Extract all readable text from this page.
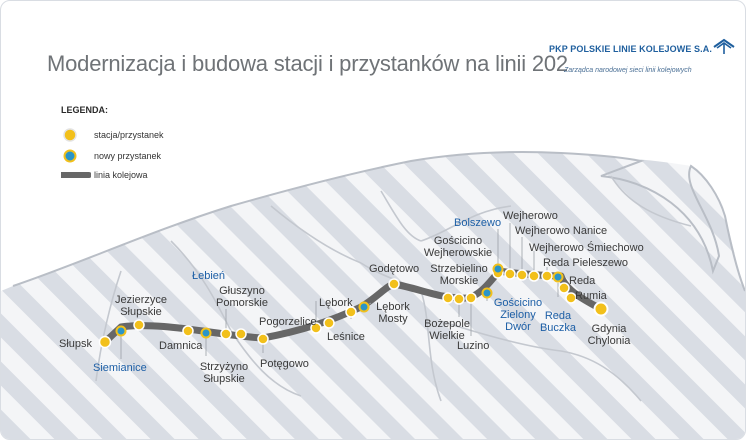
Modernizacja i budowa stacji i przystanków na linii 202
PKP POLSKIE LINIE KOLEJOWE S.A.
Zarządca narodowej sieci linii kolejowych
LEGENDA:
stacja/przystanek
nowy przystanek
linia kolejowa
Słupsk
Siemianice
Jezierzyce
Słupskie
Damnica
Łebień
Strzyżyno
Słupskie
Głuszyno
Pomorskie
Potęgowo
Pogorzelice
Lębork
Leśnice
Lębork
Mosty
Godętowo
Bożepole
Wielkie
Luzino
Strzebielino
Morskie
Gościcino
Wejherowskie
Bolszewo
Gościcino
Zielony
Dwór
Wejherowo
Wejherowo Nanice
Wejherowo Śmiechowo
Reda Pieleszewo
Reda
Rumia
Reda
Buczka	Gdynia
Chylonia
